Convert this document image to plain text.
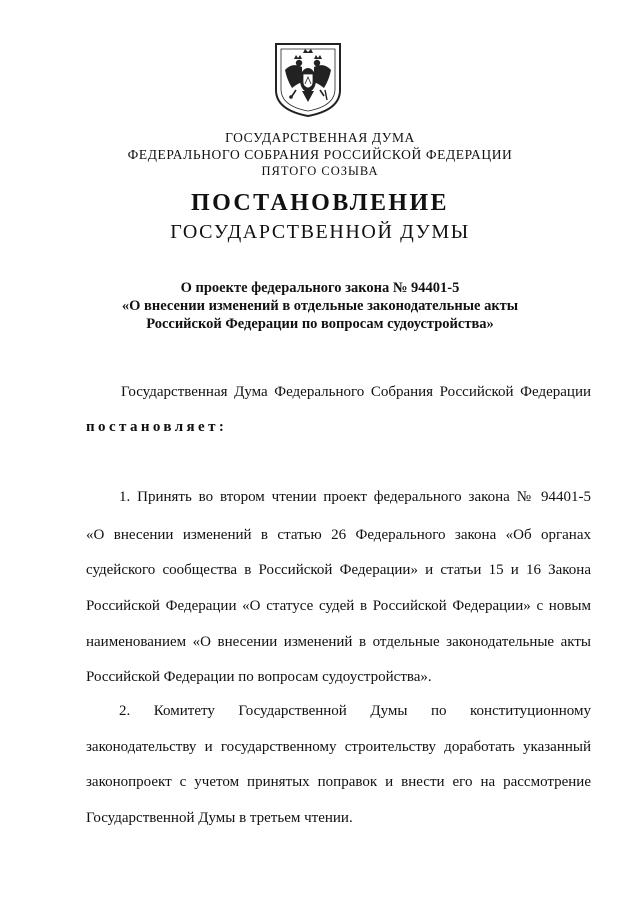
ГОСУДАРСТВЕННАЯ ДУМА
ФЕДЕРАЛЬНОГО СОБРАНИЯ РОССИЙСКОЙ ФЕДЕРАЦИИ
ПЯТОГО СОЗЫВА
ПОСТАНОВЛЕНИЕ
ГОСУДАРСТВЕННОЙ ДУМЫ
О проекте федерального закона № 94401-5
«О внесении изменений в отдельные законодательные акты
Российской Федерации по вопросам судоустройства»
Государственная Дума Федерального Собрания Российской Федерации
постановляет:
1. Принять во втором чтении проект федерального закона № 94401-5
«О внесении изменений в статью 26 Федерального закона «Об органах
судейского сообщества в Российской Федерации» и статьи 15 и 16 Закона
Российской Федерации «О статусе судей в Российской Федерации» с новым
наименованием «О внесении изменений в отдельные законодательные акты
Российской Федерации по вопросам судоустройства».
2. Комитету Государственной Думы по конституционному
законодательству и государственному строительству доработать указанный
законопроект с учетом принятых поправок и внести его на рассмотрение
Государственной Думы в третьем чтении.
